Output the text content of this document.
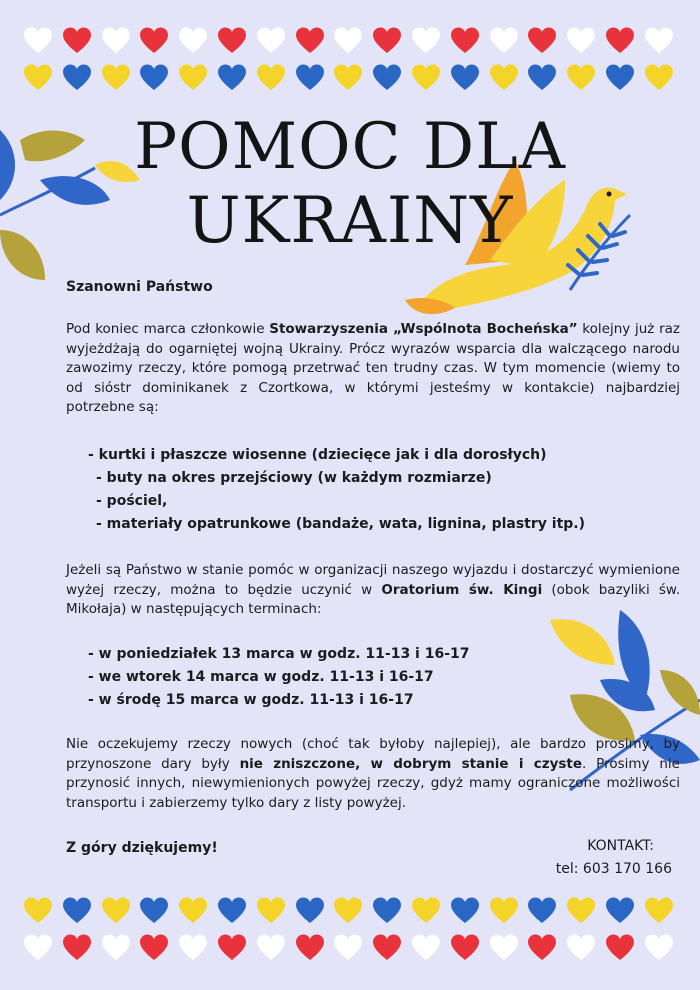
POMOC DLA
UKRAINY
Szanowni Państwo
Pod koniec marca członkowie Stowarzyszenia „Wspólnota Bocheńska” kolejny już raz wyjeżdżają do ogarniętej wojną Ukrainy. Prócz wyrazów wsparcia dla walczącego narodu zawozimy rzeczy, które pomogą przetrwać ten trudny czas. W tym momencie (wiemy to od sióstr dominikanek z Czortkowa, w którymi jesteśmy w kontakcie) najbardziej potrzebne są:
- kurtki i płaszcze wiosenne (dziecięce jak i dla dorosłych)
- buty na okres przejściowy (w każdym rozmiarze)
- pościel,
- materiały opatrunkowe (bandaże, wata, lignina, plastry itp.)
Jeżeli są Państwo w stanie pomóc w organizacji naszego wyjazdu i dostarczyć wymienione wyżej rzeczy, można to będzie uczynić w Oratorium św. Kingi (obok bazyliki św. Mikołaja) w następujących terminach:
- w poniedziałek 13 marca w godz. 11-13 i 16-17
- we wtorek 14 marca w godz. 11-13 i 16-17
- w środę 15 marca w godz. 11-13 i 16-17
Nie oczekujemy rzeczy nowych (choć tak byłoby najlepiej), ale bardzo prosimy, by przynoszone dary były nie zniszczone, w dobrym stanie i czyste. Prosimy nie przynosić innych, niewymienionych powyżej rzeczy, gdyż mamy ograniczone możliwości transportu i zabierzemy tylko dary z listy powyżej.
Z góry dziękujemy!	KONTAKT:
tel: 603 170 166
